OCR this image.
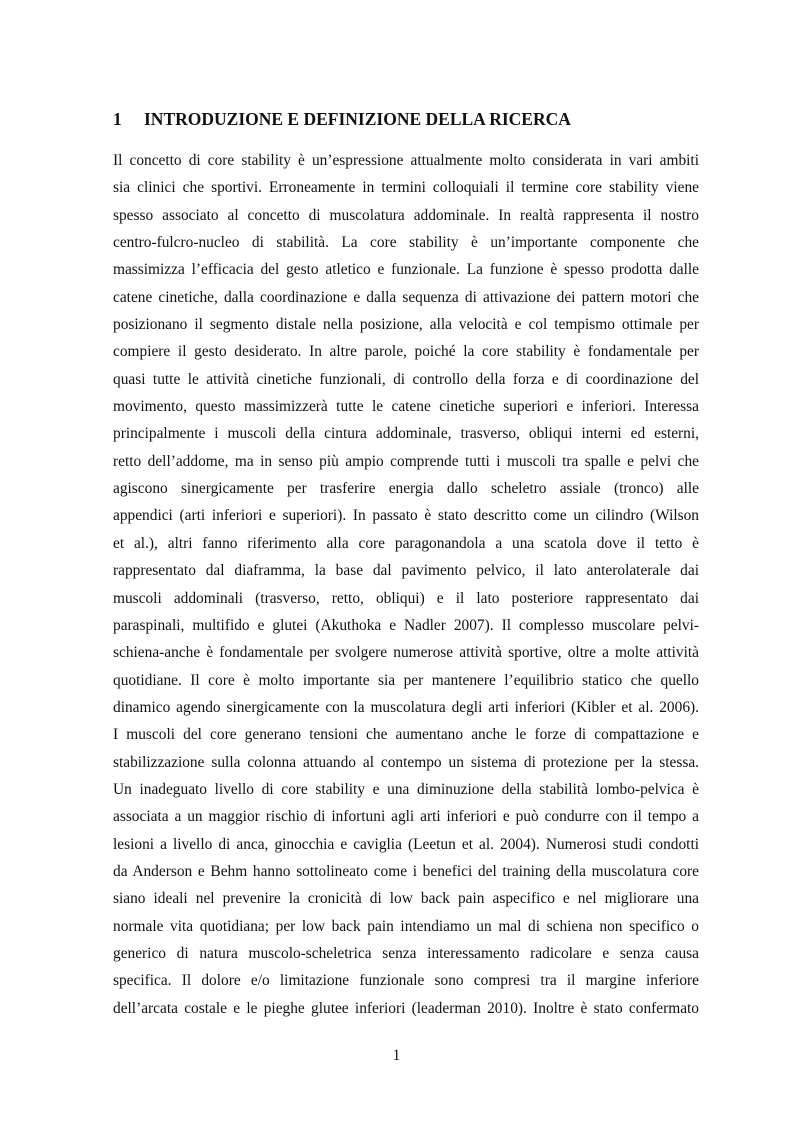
1 INTRODUZIONE E DEFINIZIONE DELLA RICERCA
Il concetto di core stability è un’espressione attualmente molto considerata in vari ambiti
sia clinici che sportivi. Erroneamente in termini colloquiali il termine core stability viene
spesso associato al concetto di muscolatura addominale. In realtà rappresenta il nostro
centro-fulcro-nucleo di stabilità. La core stability è un’importante componente che
massimizza l’efficacia del gesto atletico e funzionale. La funzione è spesso prodotta dalle
catene cinetiche, dalla coordinazione e dalla sequenza di attivazione dei pattern motori che
posizionano il segmento distale nella posizione, alla velocità e col tempismo ottimale per
compiere il gesto desiderato. In altre parole, poiché la core stability è fondamentale per
quasi tutte le attività cinetiche funzionali, di controllo della forza e di coordinazione del
movimento, questo massimizzerà tutte le catene cinetiche superiori e inferiori. Interessa
principalmente i muscoli della cintura addominale, trasverso, obliqui interni ed esterni,
retto dell’addome, ma in senso più ampio comprende tutti i muscoli tra spalle e pelvi che
agiscono sinergicamente per trasferire energia dallo scheletro assiale (tronco) alle
appendici (arti inferiori e superiori). In passato è stato descritto come un cilindro (Wilson
et al.), altri fanno riferimento alla core paragonandola a una scatola dove il tetto è
rappresentato dal diaframma, la base dal pavimento pelvico, il lato anterolaterale dai
muscoli addominali (trasverso, retto, obliqui) e il lato posteriore rappresentato dai
paraspinali, multifido e glutei (Akuthoka e Nadler 2007). Il complesso muscolare pelvi-
schiena-anche è fondamentale per svolgere numerose attività sportive, oltre a molte attività
quotidiane. Il core è molto importante sia per mantenere l’equilibrio statico che quello
dinamico agendo sinergicamente con la muscolatura degli arti inferiori (Kibler et al. 2006).
I muscoli del core generano tensioni che aumentano anche le forze di compattazione e
stabilizzazione sulla colonna attuando al contempo un sistema di protezione per la stessa.
Un inadeguato livello di core stability e una diminuzione della stabilità lombo-pelvica è
associata a un maggior rischio di infortuni agli arti inferiori e può condurre con il tempo a
lesioni a livello di anca, ginocchia e caviglia (Leetun et al. 2004). Numerosi studi condotti
da Anderson e Behm hanno sottolineato come i benefici del training della muscolatura core
siano ideali nel prevenire la cronicità di low back pain aspecifico e nel migliorare una
normale vita quotidiana; per low back pain intendiamo un mal di schiena non specifico o
generico di natura muscolo-scheletrica senza interessamento radicolare e senza causa
specifica. Il dolore e/o limitazione funzionale sono compresi tra il margine inferiore
dell’arcata costale e le pieghe glutee inferiori (leaderman 2010). Inoltre è stato confermato
1
